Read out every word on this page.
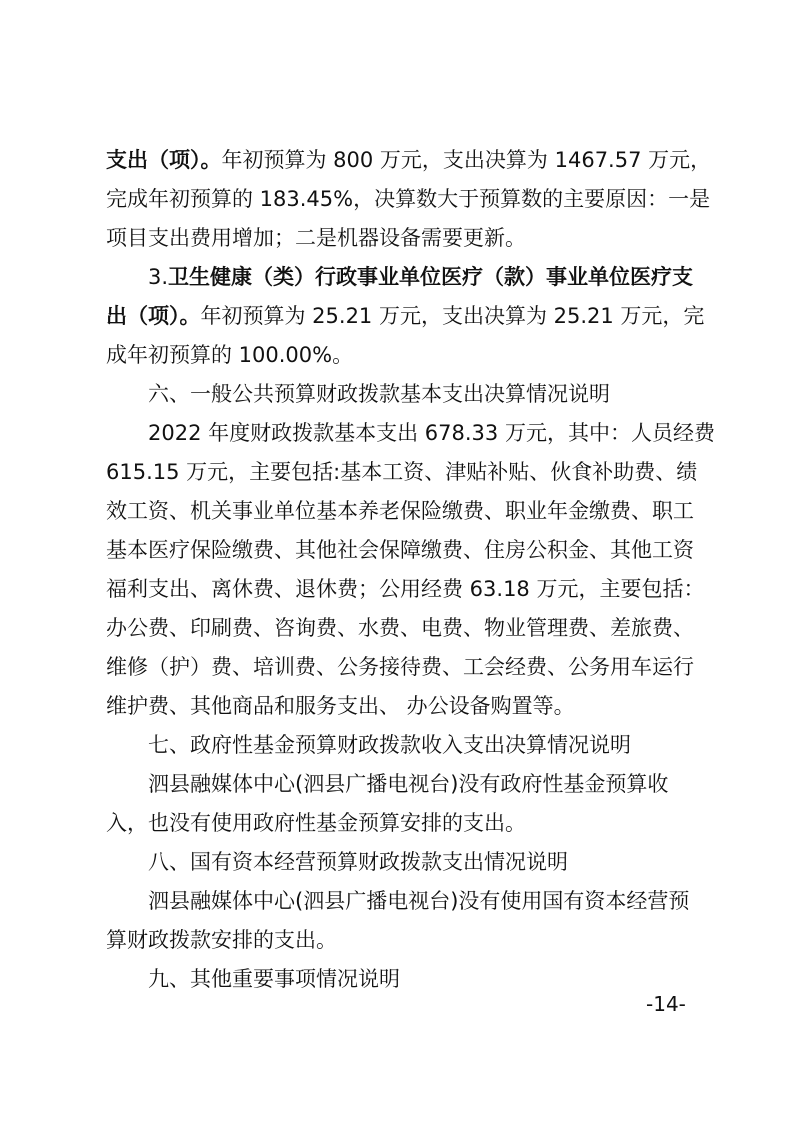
支出（项）。年初预算为 800 万元，支出决算为 1467.57 万元，
完成年初预算的 183.45%，决算数大于预算数的主要原因：一是
项目支出费用增加；二是机器设备需要更新。
3.卫生健康（类）行政事业单位医疗（款）事业单位医疗支
出（项）。年初预算为 25.21 万元，支出决算为 25.21 万元，完
成年初预算的 100.00%。
六、一般公共预算财政拨款基本支出决算情况说明
2022 年度财政拨款基本支出 678.33 万元，其中：人员经费
615.15 万元，主要包括:基本工资、津贴补贴、伙食补助费、绩
效工资、机关事业单位基本养老保险缴费、职业年金缴费、职工
基本医疗保险缴费、其他社会保障缴费、住房公积金、其他工资
福利支出、离休费、退休费；公用经费 63.18 万元，主要包括：
办公费、印刷费、咨询费、水费、电费、物业管理费、差旅费、
维修（护）费、培训费、公务接待费、工会经费、公务用车运行
维护费、其他商品和服务支出、 办公设备购置等。
七、政府性基金预算财政拨款收入支出决算情况说明
泗县融媒体中心(泗县广播电视台)没有政府性基金预算收
入，也没有使用政府性基金预算安排的支出。
八、国有资本经营预算财政拨款支出情况说明
泗县融媒体中心(泗县广播电视台)没有使用国有资本经营预
算财政拨款安排的支出。
九、其他重要事项情况说明
-14-
